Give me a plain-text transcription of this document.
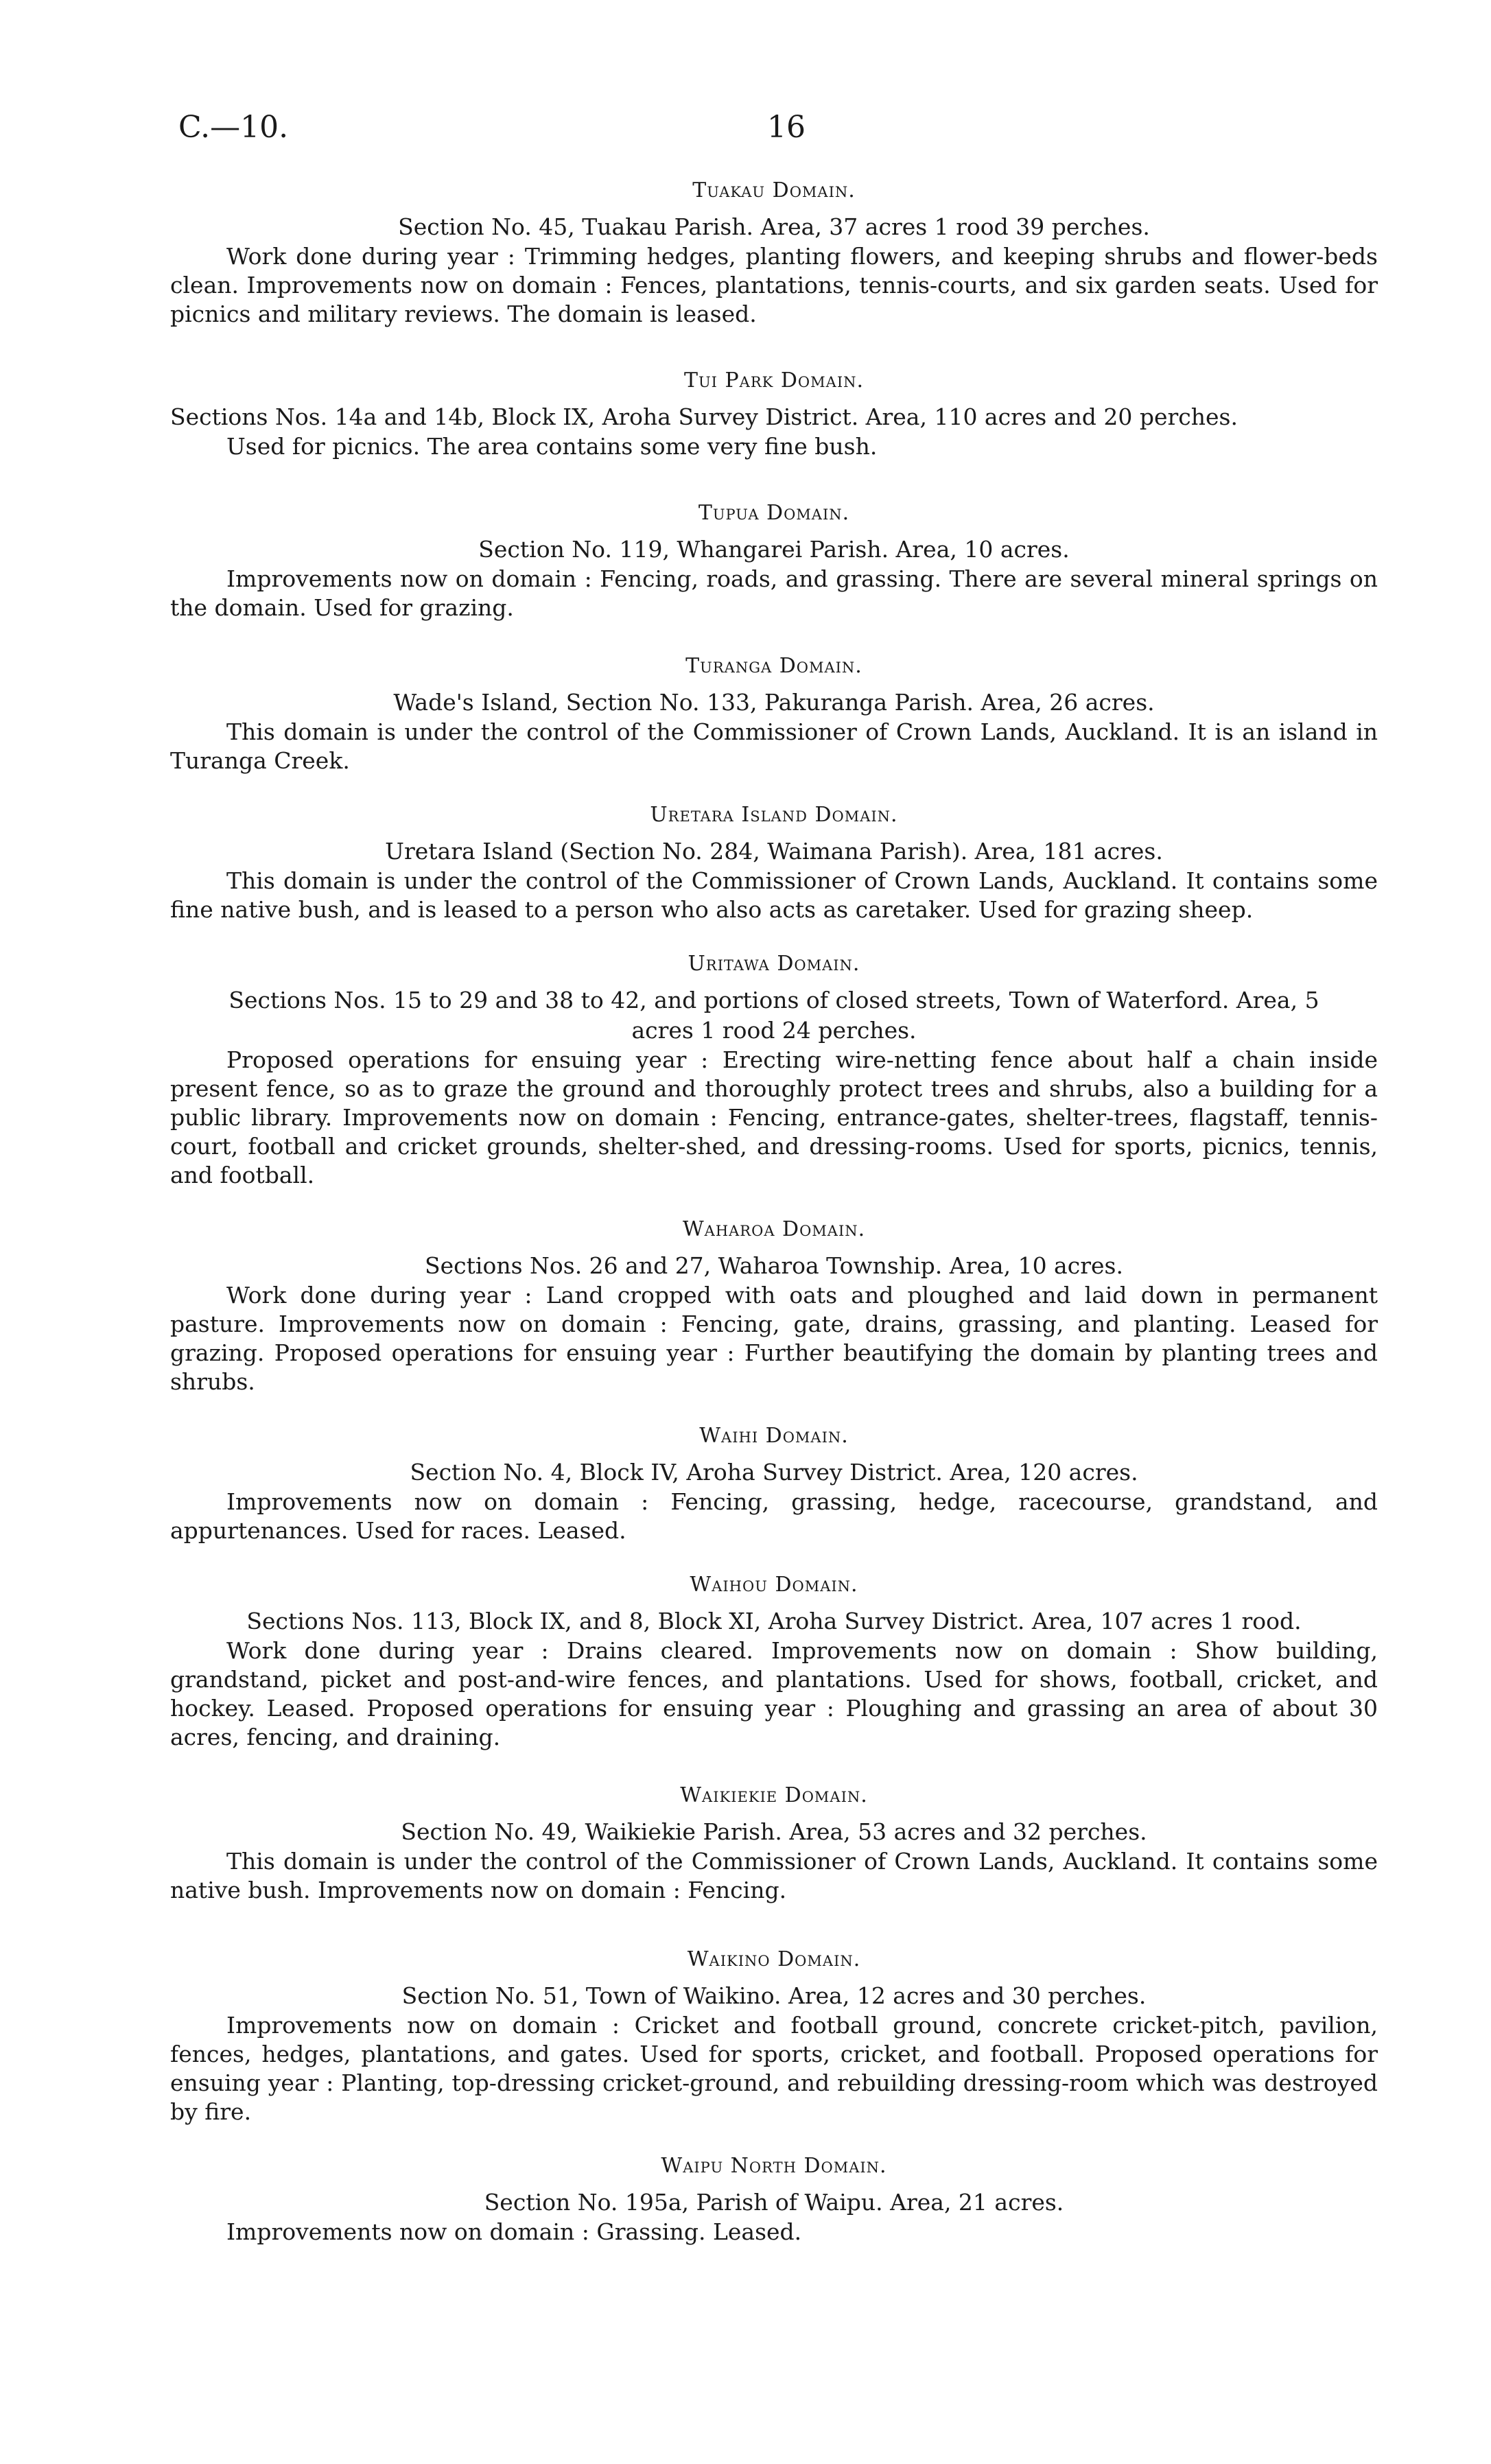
C.—10.	16
Tuakau Domain.
Section No. 45, Tuakau Parish. Area, 37 acres 1 rood 39 perches.
Work done during year : Trimming hedges, planting flowers, and keeping shrubs and flower-beds clean. Improvements now on domain : Fences, plantations, tennis-courts, and six garden seats. Used for picnics and military reviews. The domain is leased.
Tui Park Domain.
Sections Nos. 14a and 14b, Block IX, Aroha Survey District. Area, 110 acres and 20 perches.
Used for picnics. The area contains some very fine bush.
Tupua Domain.
Section No. 119, Whangarei Parish. Area, 10 acres.
Improvements now on domain : Fencing, roads, and grassing. There are several mineral springs on the domain. Used for grazing.
Turanga Domain.
Wade's Island, Section No. 133, Pakuranga Parish. Area, 26 acres.
This domain is under the control of the Commissioner of Crown Lands, Auckland. It is an island in Turanga Creek.
Uretara Island Domain.
Uretara Island (Section No. 284, Waimana Parish). Area, 181 acres.
This domain is under the control of the Commissioner of Crown Lands, Auckland. It contains some fine native bush, and is leased to a person who also acts as caretaker. Used for grazing sheep.
Uritawa Domain.
Sections Nos. 15 to 29 and 38 to 42, and portions of closed streets, Town of Waterford. Area, 5 acres 1 rood 24 perches.
Proposed operations for ensuing year : Erecting wire-netting fence about half a chain inside present fence, so as to graze the ground and thoroughly protect trees and shrubs, also a building for a public library. Improvements now on domain : Fencing, entrance-gates, shelter-trees, flagstaff, tennis-court, football and cricket grounds, shelter-shed, and dressing-rooms. Used for sports, picnics, tennis, and football.
Waharoa Domain.
Sections Nos. 26 and 27, Waharoa Township. Area, 10 acres.
Work done during year : Land cropped with oats and ploughed and laid down in permanent pasture. Improvements now on domain : Fencing, gate, drains, grassing, and planting. Leased for grazing. Proposed operations for ensuing year : Further beautifying the domain by planting trees and shrubs.
Waihi Domain.
Section No. 4, Block IV, Aroha Survey District. Area, 120 acres.
Improvements now on domain : Fencing, grassing, hedge, racecourse, grandstand, and appurtenances. Used for races. Leased.
Waihou Domain.
Sections Nos. 113, Block IX, and 8, Block XI, Aroha Survey District. Area, 107 acres 1 rood.
Work done during year : Drains cleared. Improvements now on domain : Show building, grandstand, picket and post-and-wire fences, and plantations. Used for shows, football, cricket, and hockey. Leased. Proposed operations for ensuing year : Ploughing and grassing an area of about 30 acres, fencing, and draining.
Waikiekie Domain.
Section No. 49, Waikiekie Parish. Area, 53 acres and 32 perches.
This domain is under the control of the Commissioner of Crown Lands, Auckland. It contains some native bush. Improvements now on domain : Fencing.
Waikino Domain.
Section No. 51, Town of Waikino. Area, 12 acres and 30 perches.
Improvements now on domain : Cricket and football ground, concrete cricket-pitch, pavilion, fences, hedges, plantations, and gates. Used for sports, cricket, and football. Proposed operations for ensuing year : Planting, top-dressing cricket-ground, and rebuilding dressing-room which was destroyed by fire.
Waipu North Domain.
Section No. 195a, Parish of Waipu. Area, 21 acres.
Improvements now on domain : Grassing. Leased.
